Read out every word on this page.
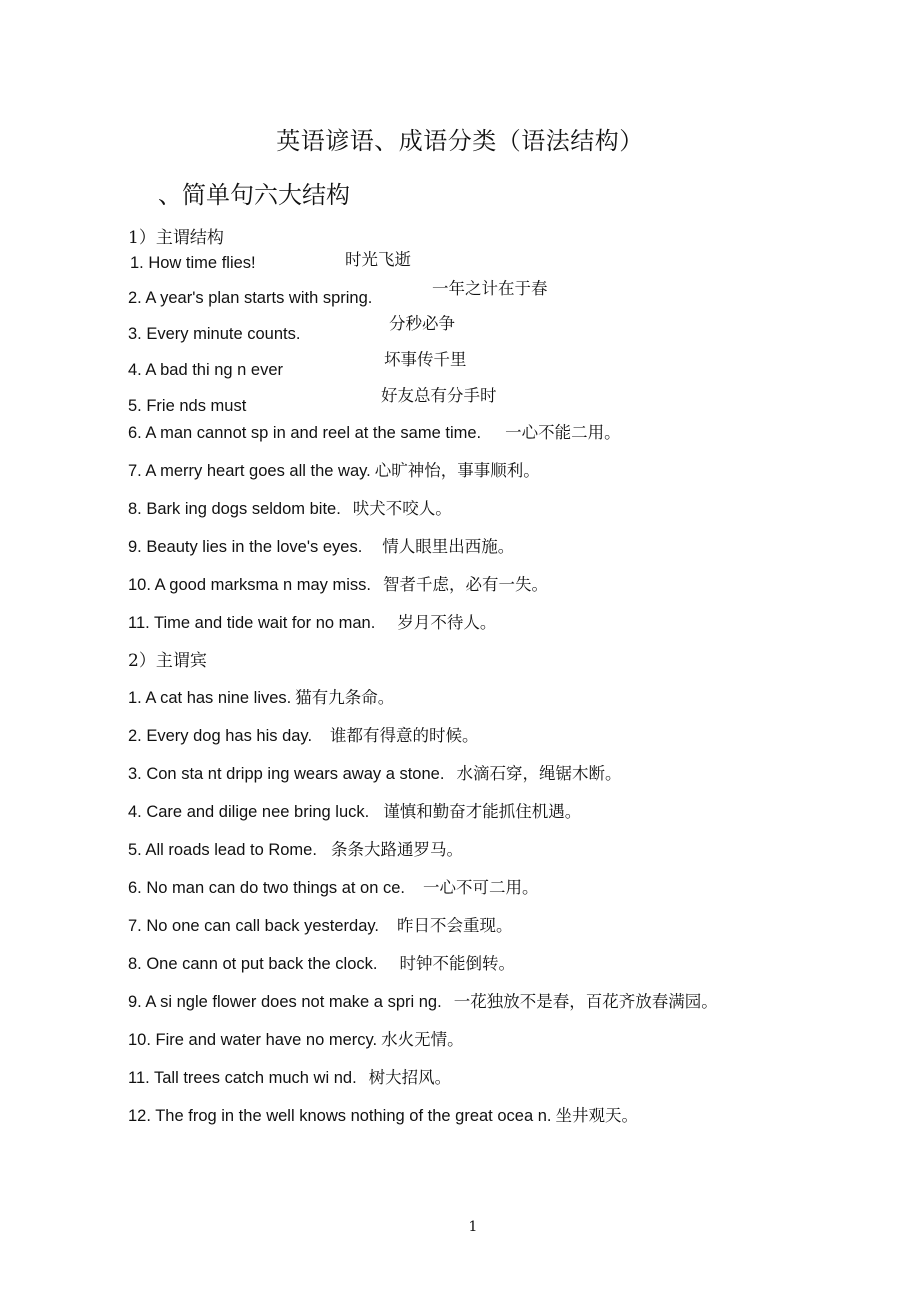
英语谚语、成语分类（语法结构）
、简单句六大结构
1）主谓结构
1. How time flies!	时光飞逝
2. A year's plan starts with spring.	一年之计在于春
3. Every minute counts.
分秒必争
4. A bad thi ng n ever
坏事传千里
5. Frie nds must
好友总有分手时
6. A man cannot sp in and reel at the same time. 一心不能二用。
7. A merry heart goes all the way. 心旷神怡，事事顺利。
8. Bark ing dogs seldom bite. 吠犬不咬人。
9. Beauty lies in the love's eyes. 情人眼里出西施。
10. A good marksma n may miss. 智者千虑，必有一失。
11. Time and tide wait for no man. 岁月不待人。
2）主谓宾
1. A cat has nine lives. 猫有九条命。
2. Every dog has his day. 谁都有得意的时候。
3. Con sta nt dripp ing wears away a stone. 水滴石穿，绳锯木断。
4. Care and dilige nee bring luck. 谨慎和勤奋才能抓住机遇。
5. All roads lead to Rome. 条条大路通罗马。
6. No man can do two things at on ce. 一心不可二用。
7. No one can call back yesterday. 昨日不会重现。
8. One cann ot put back the clock. 时钟不能倒转。
9. A si ngle flower does not make a spri ng. 一花独放不是春，百花齐放春满园。
10. Fire and water have no mercy. 水火无情。
11. Tall trees catch much wi nd. 树大招风。
12. The frog in the well knows nothing of the great ocea n. 坐井观天。
1
